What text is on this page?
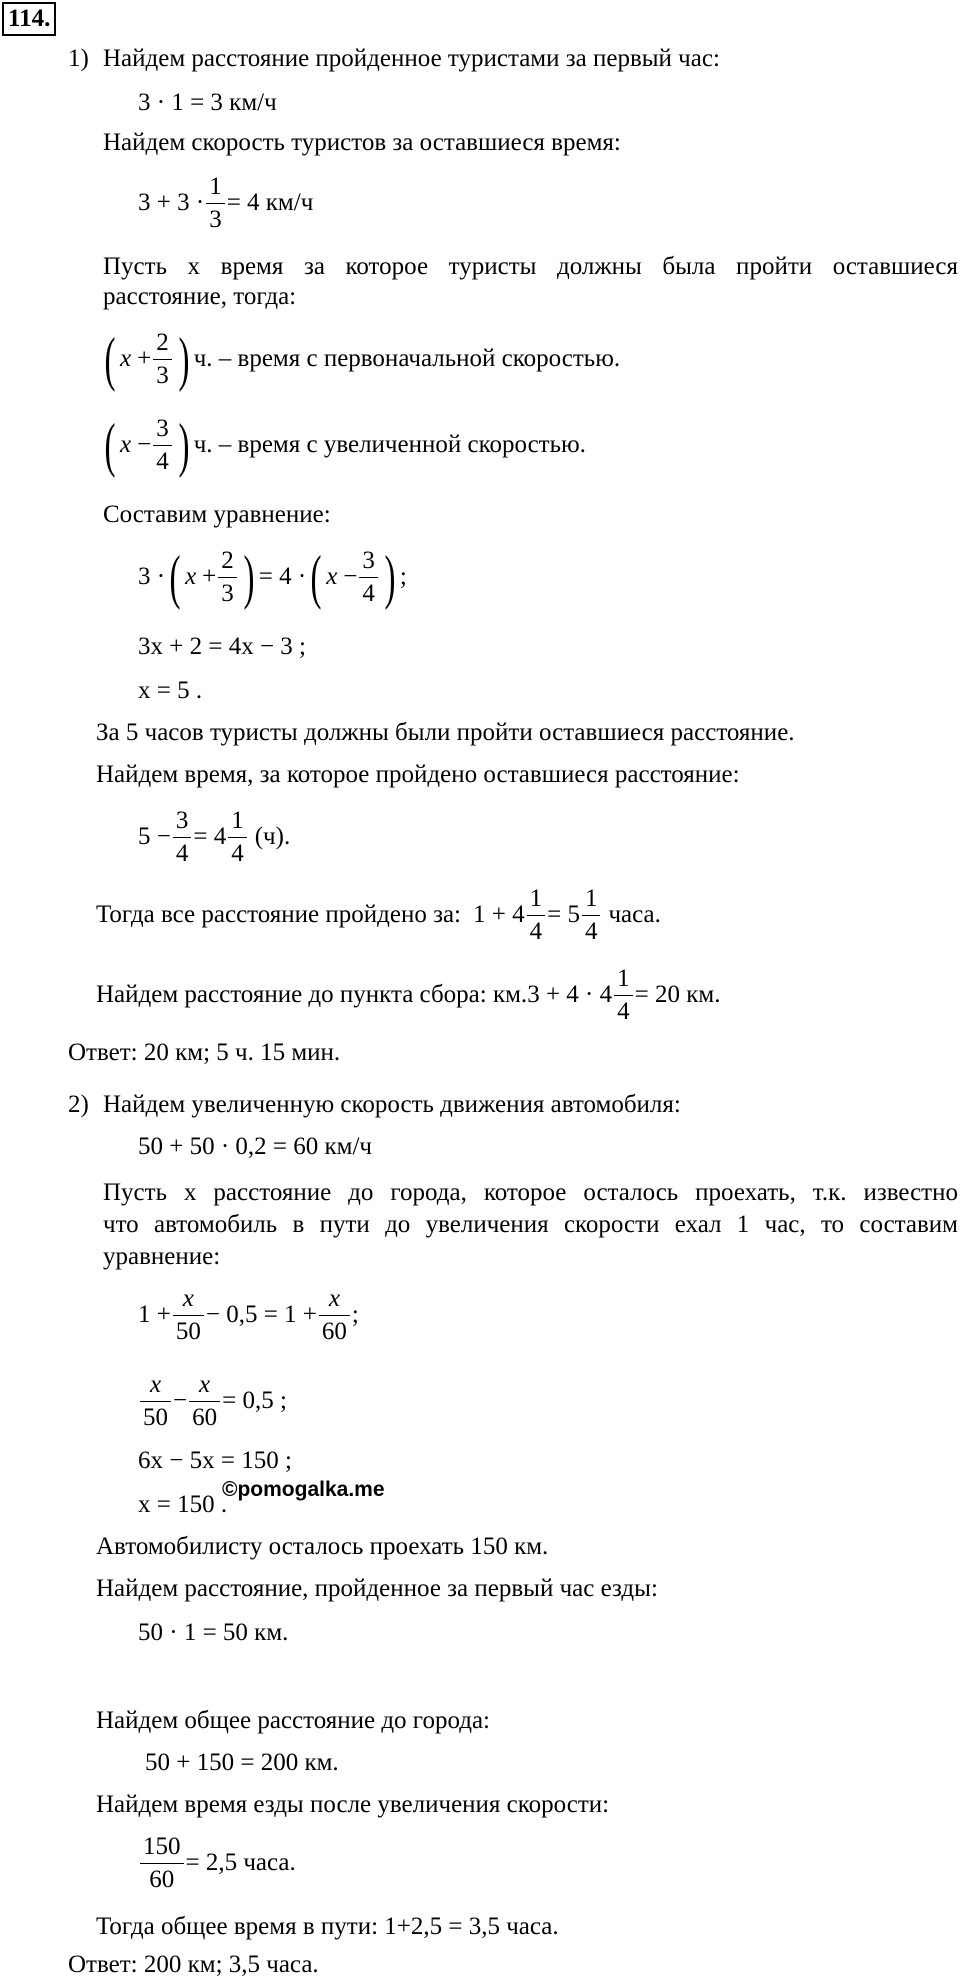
114.
1) Найдем расстояние пройденное туристами за первый час:
3 · 1 = 3 км/ч
Найдем скорость туристов за оставшиеся время:
$3 + 3 \cdot \frac{1}{3} = 4$ км/ч
Пусть x время за которое туристы должны была пройти оставшиеся
расстояние, тогда:
( $x + \frac{2}{3}$ ) ч. – время с первоначальной скоростью.
( $x - \frac{3}{4}$ ) ч. – время с увеличенной скоростью.
Составим уравнение:
3 · ( $x + \frac{2}{3}$ ) = 4 · ( $x - \frac{3}{4}$ ) ;
3x + 2 = 4x − 3 ;
x = 5 .
За 5 часов туристы должны были пройти оставшиеся расстояние.
Найдем время, за которое пройдено оставшиеся расстояние:
$5 - \frac{3}{4} = 4 \frac{1}{4} (ч)$.
Тогда все расстояние пройдено за: $1 + 4 \frac{1}{4} = 5 \frac{1}{4}$ часа.
Найдем расстояние до пункта сбора: км. $3 + 4 \cdot 4 \frac{1}{4} = 20$ км.
Ответ: 20 км; 5 ч. 15 мин.
2) Найдем увеличенную скорость движения автомобиля:
50 + 50 · 0,2 = 60 км/ч
Пусть x расстояние до города, которое осталось проехать, т.к. известно
что автомобиль в пути до увеличения скорости ехал 1 час, то составим
уравнение:
$1 + \frac{x}{50} - 0,5 = 1 + \frac{x}{60}$ ;
$\frac{x}{50} - \frac{x}{60} = 0,5$ ;
6x − 5x = 150 ;
x = 150 .
©pomogalka.me
Автомобилисту осталось проехать 150 км.
Найдем расстояние, пройденное за первый час езды:
50 · 1 = 50 км.
Найдем общее расстояние до города:
50 + 150 = 200 км.
Найдем время езды после увеличения скорости:
$\frac{150}{60} = 2,5$ часа.
Тогда общее время в пути: 1+2,5 = 3,5 часа.
Ответ: 200 км; 3,5 часа.
